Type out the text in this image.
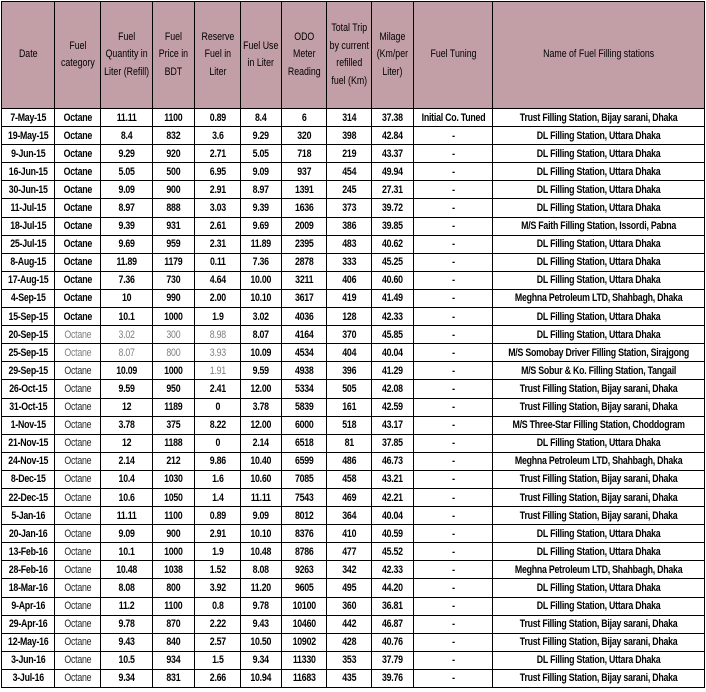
Date	Fuel category	Fuel Quantity in Liter (Refill)	Fuel Price in BDT	Reserve Fuel in Liter	Fuel Use in Liter	ODO Meter Reading	Total Trip by current refilled fuel (Km)	Milage (Km/per Liter)	Fuel Tuning	Name of Fuel Filling stations

7-May-15	Octane	11.11	1100	0.89	8.4	6	314	37.38	Initial Co. Tuned	Trust Filling Station, Bijay sarani, Dhaka

19-May-15	Octane	8.4	832	3.6	9.29	320	398	42.84	-	DL Filling Station, Uttara Dhaka

9-Jun-15	Octane	9.29	920	2.71	5.05	718	219	43.37	-	DL Filling Station, Uttara Dhaka

16-Jun-15	Octane	5.05	500	6.95	9.09	937	454	49.94	-	DL Filling Station, Uttara Dhaka

30-Jun-15	Octane	9.09	900	2.91	8.97	1391	245	27.31	-	DL Filling Station, Uttara Dhaka

11-Jul-15	Octane	8.97	888	3.03	9.39	1636	373	39.72	-	DL Filling Station, Uttara Dhaka

18-Jul-15	Octane	9.39	931	2.61	9.69	2009	386	39.85	-	M/S Faith Filling Station, Issordi, Pabna

25-Jul-15	Octane	9.69	959	2.31	11.89	2395	483	40.62	-	DL Filling Station, Uttara Dhaka

8-Aug-15	Octane	11.89	1179	0.11	7.36	2878	333	45.25	-	DL Filling Station, Uttara Dhaka

17-Aug-15	Octane	7.36	730	4.64	10.00	3211	406	40.60	-	DL Filling Station, Uttara Dhaka

4-Sep-15	Octane	10	990	2.00	10.10	3617	419	41.49	-	Meghna Petroleum LTD, Shahbagh, Dhaka

15-Sep-15	Octane	10.1	1000	1.9	3.02	4036	128	42.33	-	DL Filling Station, Uttara Dhaka

20-Sep-15	Octane	3.02	300	8.98	8.07	4164	370	45.85	-	DL Filling Station, Uttara Dhaka

25-Sep-15	Octane	8.07	800	3.93	10.09	4534	404	40.04	-	M/S Somobay Driver Filling Station, Sirajgong

29-Sep-15	Octane	10.09	1000	1.91	9.59	4938	396	41.29	-	M/S Sobur & Ko. Filling Station, Tangail

26-Oct-15	Octane	9.59	950	2.41	12.00	5334	505	42.08	-	Trust Filling Station, Bijay sarani, Dhaka

31-Oct-15	Octane	12	1189	0	3.78	5839	161	42.59	-	Trust Filling Station, Bijay sarani, Dhaka

1-Nov-15	Octane	3.78	375	8.22	12.00	6000	518	43.17	-	M/S Three-Star Filling Station, Choddogram

21-Nov-15	Octane	12	1188	0	2.14	6518	81	37.85	-	DL Filling Station, Uttara Dhaka

24-Nov-15	Octane	2.14	212	9.86	10.40	6599	486	46.73	-	Meghna Petroleum LTD, Shahbagh, Dhaka

8-Dec-15	Octane	10.4	1030	1.6	10.60	7085	458	43.21	-	Trust Filling Station, Bijay sarani, Dhaka

22-Dec-15	Octane	10.6	1050	1.4	11.11	7543	469	42.21	-	Trust Filling Station, Bijay sarani, Dhaka

5-Jan-16	Octane	11.11	1100	0.89	9.09	8012	364	40.04	-	Trust Filling Station, Bijay sarani, Dhaka

20-Jan-16	Octane	9.09	900	2.91	10.10	8376	410	40.59	-	DL Filling Station, Uttara Dhaka

13-Feb-16	Octane	10.1	1000	1.9	10.48	8786	477	45.52	-	DL Filling Station, Uttara Dhaka

28-Feb-16	Octane	10.48	1038	1.52	8.08	9263	342	42.33	-	Meghna Petroleum LTD, Shahbagh, Dhaka

18-Mar-16	Octane	8.08	800	3.92	11.20	9605	495	44.20	-	DL Filling Station, Uttara Dhaka

9-Apr-16	Octane	11.2	1100	0.8	9.78	10100	360	36.81	-	DL Filling Station, Uttara Dhaka

29-Apr-16	Octane	9.78	870	2.22	9.43	10460	442	46.87	-	Trust Filling Station, Bijay sarani, Dhaka

12-May-16	Octane	9.43	840	2.57	10.50	10902	428	40.76	-	Trust Filling Station, Bijay sarani, Dhaka

3-Jun-16	Octane	10.5	934	1.5	9.34	11330	353	37.79	-	DL Filling Station, Uttara Dhaka

3-Jul-16	Octane	9.34	831	2.66	10.94	11683	435	39.76	-	Trust Filling Station, Bijay sarani, Dhaka
